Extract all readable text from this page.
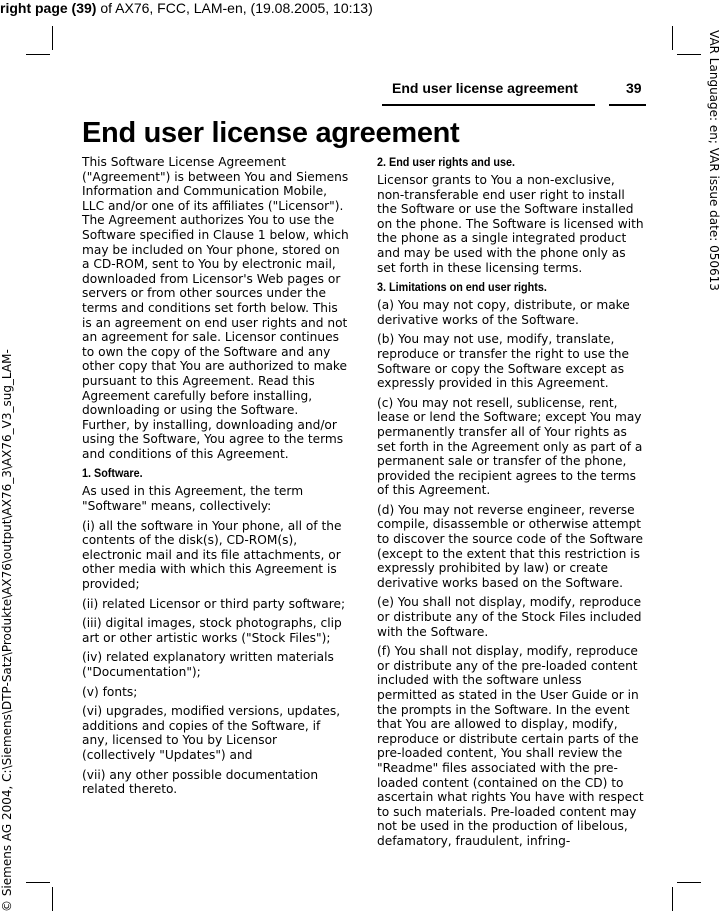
right page (39) of AX76, FCC, LAM-en, (19.08.2005, 10:13)
VAR Language: en; VAR issue date: 050613
© Siemens AG 2004, C:\Siemens\DTP-Satz\Produkte\AX76\output\AX76_3\AX76_V3_sug_LAM-
End user license agreement	39
End user license agreement

This Software License Agreement ("Agreement") is between You and Siemens Information and Communication Mobile, LLC and/or one of its affiliates ("Licensor"). The Agreement authorizes You to use the Software specified in Clause 1 below, which may be included on Your phone, stored on a CD-ROM, sent to You by electronic mail, downloaded from Licensor's Web pages or servers or from other sources under the terms and conditions set forth below. This is an agreement on end user rights and not an agreement for sale. Licensor continues to own the copy of the Software and any other copy that You are authorized to make pursuant to this Agreement. Read this Agreement carefully before installing, downloading or using the Software. Further, by installing, downloading and/or using the Software, You agree to the terms and conditions of this Agreement.

1. Software.

As used in this Agreement, the term "Software" means, collectively:

(i) all the software in Your phone, all of the contents of the disk(s), CD-ROM(s), electronic mail and its file attachments, or other media with which this Agreement is provided;

(ii) related Licensor or third party software;

(iii) digital images, stock photographs, clip art or other artistic works ("Stock Files");

(iv) related explanatory written materials ("Documentation");

(v) fonts;

(vi) upgrades, modified versions, updates, additions and copies of the Software, if any, licensed to You by Licensor (collectively "Updates") and

(vii) any other possible documentation related thereto.

2. End user rights and use.

Licensor grants to You a non-exclusive, non-transferable end user right to install the Software or use the Software installed on the phone. The Software is licensed with the phone as a single integrated product and may be used with the phone only as set forth in these licensing terms.

3. Limitations on end user rights.

(a) You may not copy, distribute, or make derivative works of the Software.

(b) You may not use, modify, translate, reproduce or transfer the right to use the Software or copy the Software except as expressly provided in this Agreement.

(c) You may not resell, sublicense, rent, lease or lend the Software; except You may permanently transfer all of Your rights as set forth in the Agreement only as part of a permanent sale or transfer of the phone, provided the recipient agrees to the terms of this Agreement.

(d) You may not reverse engineer, reverse compile, disassemble or otherwise attempt to discover the source code of the Software (except to the extent that this restriction is expressly prohibited by law) or create derivative works based on the Software.

(e) You shall not display, modify, reproduce or distribute any of the Stock Files included with the Software.

(f) You shall not display, modify, reproduce or distribute any of the pre-loaded content included with the software unless permitted as stated in the User Guide or in the prompts in the Software. In the event that You are allowed to display, modify, reproduce or distribute certain parts of the pre-loaded content, You shall review the "Readme" files associated with the pre-loaded content (contained on the CD) to ascertain what rights You have with respect to such materials. Pre-loaded content may not be used in the production of libelous, defamatory, fraudulent, infring-
